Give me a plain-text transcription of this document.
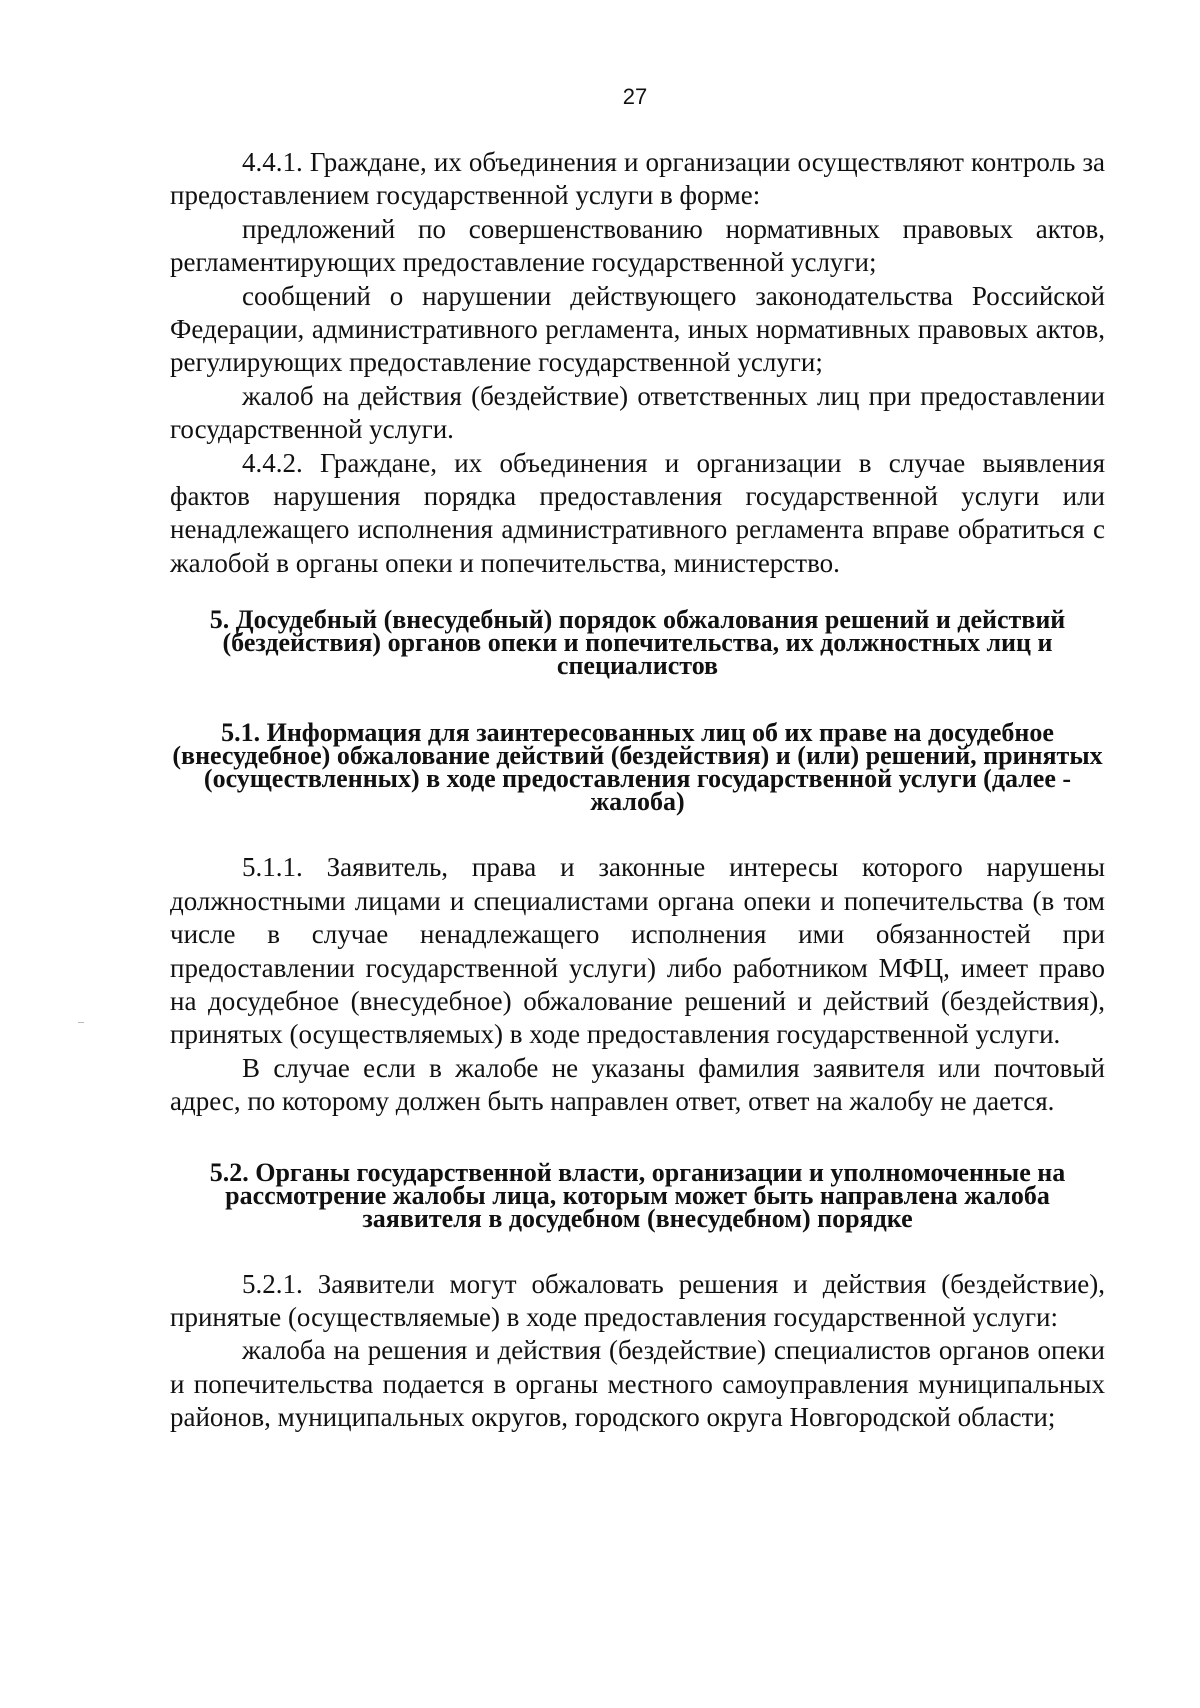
27

4.4.1. Граждане, их объединения и организации осуществляют контроль за предоставлением государственной услуги в форме:

предложений по совершенствованию нормативных правовых актов, регламентирующих предоставление государственной услуги;

сообщений о нарушении действующего законодательства Российской Федерации, административного регламента, иных нормативных правовых актов, регулирующих предоставление государственной услуги;

жалоб на действия (бездействие) ответственных лиц при предоставлении государственной услуги.

4.4.2. Граждане, их объединения и организации в случае выявления фактов нарушения порядка предоставления государственной услуги или ненадлежащего исполнения административного регламента вправе обратиться с жалобой в органы опеки и попечительства, министерство.

5. Досудебный (внесудебный) порядок обжалования решений и действий (бездействия) органов опеки и попечительства, их должностных лиц и специалистов

5.1. Информация для заинтересованных лиц об их праве на досудебное (внесудебное) обжалование действий (бездействия) и (или) решений, принятых (осуществленных) в ходе предоставления государственной услуги (далее - жалоба)

5.1.1. Заявитель, права и законные интересы которого нарушены должностными лицами и специалистами органа опеки и попечительства (в том числе в случае ненадлежащего исполнения ими обязанностей при предоставлении государственной услуги) либо работником МФЦ, имеет право на досудебное (внесудебное) обжалование решений и действий (бездействия), принятых (осуществляемых) в ходе предоставления государственной услуги.

В случае если в жалобе не указаны фамилия заявителя или почтовый адрес, по которому должен быть направлен ответ, ответ на жалобу не дается.

5.2. Органы государственной власти, организации и уполномоченные на рассмотрение жалобы лица, которым может быть направлена жалоба заявителя в досудебном (внесудебном) порядке

5.2.1. Заявители могут обжаловать решения и действия (бездействие), принятые (осуществляемые) в ходе предоставления государственной услуги:

жалоба на решения и действия (бездействие) специалистов органов опеки и попечительства подается в органы местного самоуправления муниципальных районов, муниципальных округов, городского округа Новгородской области;
